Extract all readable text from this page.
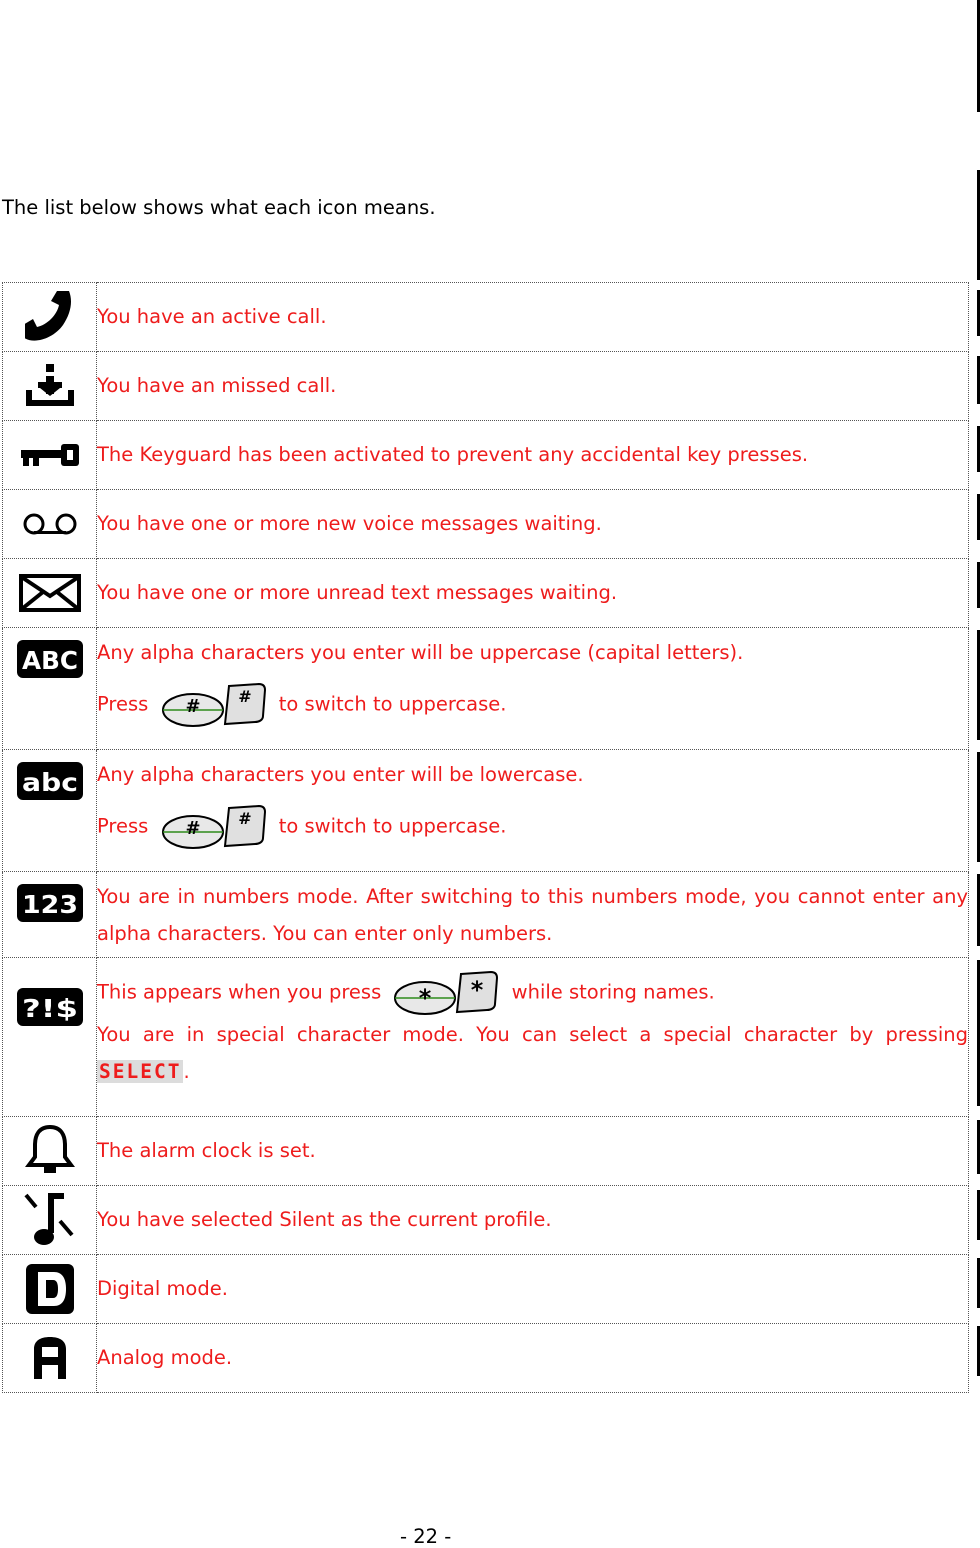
The list below shows what each icon means.

You have an active call.

You have an missed call.

The Keyguard has been activated to prevent any accidental key presses.

You have one or more new voice messages waiting.

You have one or more unread text messages waiting.

ABC	Any alpha characters you enter will be uppercase (capital letters).

Press # # to switch to uppercase.

abc	Any alpha characters you enter will be lowercase.

Press # # to switch to uppercase.

123	You are in numbers mode. After switching to this numbers mode, you cannot enter any alpha characters. You can enter only numbers.

?!$	This appears when you press * * while storing names.

You are in special character mode. You can select a special character by pressing SELECT .

The alarm clock is set.

You have selected Silent as the current profile.

Digital mode.

Analog mode.

- 22 -
